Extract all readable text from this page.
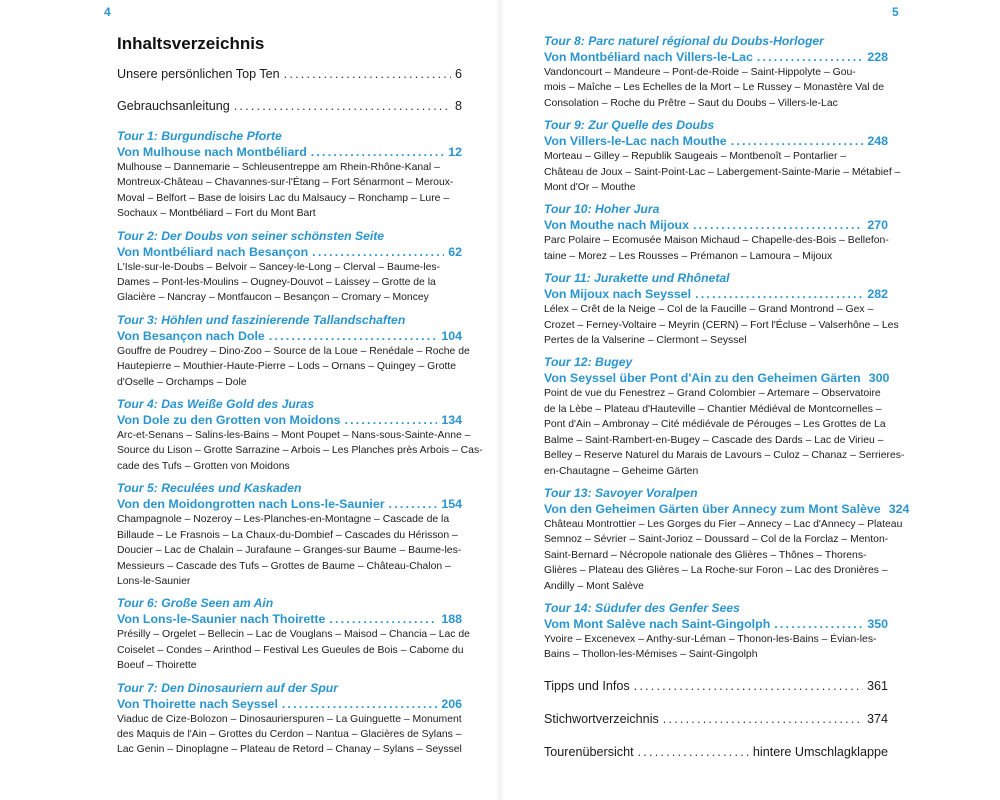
4
Inhaltsverzeichnis
Unsere persönlichen Top Ten .....	6
Gebrauchsanleitung .....	8
Tour 1: Burgundische Pforte
Von Mulhouse nach Montbéliard .....	12
Mulhouse – Dannemarie – Schleusentreppe am Rhein-Rhône-Kanal –
Montreux-Château – Chavannes-sur-l'Étang – Fort Sénarmont – Meroux-
Moval – Belfort – Base de loisirs Lac du Malsaucy – Ronchamp – Lure –
Sochaux – Montbéliard – Fort du Mont Bart
Tour 2: Der Doubs von seiner schönsten Seite
Von Montbéliard nach Besançon .....	62
L'Isle-sur-le-Doubs – Belvoir – Sancey-le-Long – Clerval – Baume-les-
Dames – Pont-les-Moulins – Ougney-Douvot – Laissey – Grotte de la
Glacière – Nancray – Montfaucon – Besançon – Cromary – Moncey
Tour 3: Höhlen und faszinierende Tallandschaften
Von Besançon nach Dole .....	104
Gouffre de Poudrey – Dino-Zoo – Source de la Loue – Renédale – Roche de
Hautepierre – Mouthier-Haute-Pierre – Lods – Ornans – Quingey – Grotte
d'Oselle – Orchamps – Dole
Tour 4: Das Weiße Gold des Juras
Von Dole zu den Grotten von Moidons .....	134
Arc-et-Senans – Salins-les-Bains – Mont Poupet – Nans-sous-Sainte-Anne –
Source du Lison – Grotte Sarrazine – Arbois – Les Planches près Arbois – Cas-
cade des Tufs – Grotten von Moidons
Tour 5: Reculées und Kaskaden
Von den Moidongrotten nach Lons-le-Saunier .....	154
Champagnole – Nozeroy – Les-Planches-en-Montagne – Cascade de la
Billaude – Le Frasnois – La Chaux-du-Dombief – Cascades du Hérisson –
Doucier – Lac de Chalain – Jurafaune – Granges-sur Baume – Baume-les-
Messieurs – Cascade des Tufs – Grottes de Baume – Château-Chalon –
Lons-le-Saunier
Tour 6: Große Seen am Ain
Von Lons-le-Saunier nach Thoirette .....	188
Présilly – Orgelet – Bellecin – Lac de Vouglans – Maisod – Chancia – Lac de
Coiselet – Condes – Arinthod – Festival Les Gueules de Bois – Caborne du
Boeuf – Thoirette
Tour 7: Den Dinosauriern auf der Spur
Von Thoirette nach Seyssel .....	206
Viaduc de Cize-Bolozon – Dinosaurierspuren – La Guinguette – Monument
des Maquis de l'Ain – Grottes du Cerdon – Nantua – Glacières de Sylans –
Lac Genin – Dinoplagne – Plateau de Retord – Chanay – Sylans – Seyssel
5
Tour 8: Parc naturel régional du Doubs-Horloger
Von Montbéliard nach Villers-le-Lac .....	228
Vandoncourt – Mandeure – Pont-de-Roide – Saint-Hippolyte – Gou-
mois – Maîche – Les Echelles de la Mort – Le Russey – Monastère Val de
Consolation – Roche du Prêtre – Saut du Doubs – Villers-le-Lac
Tour 9: Zur Quelle des Doubs
Von Villers-le-Lac nach Mouthe .....	248
Morteau – Gilley – Republik Saugeais – Montbenoît – Pontarlier –
Château de Joux – Saint-Point-Lac – Labergement-Sainte-Marie – Métabief –
Mont d'Or – Mouthe
Tour 10: Hoher Jura
Von Mouthe nach Mijoux .....	270
Parc Polaire – Ecomusée Maison Michaud – Chapelle-des-Bois – Bellefon-
taine – Morez – Les Rousses – Prémanon – Lamoura – Mijoux
Tour 11: Jurakette und Rhônetal
Von Mijoux nach Seyssel .....	282
Lélex – Crêt de la Neige – Col de la Faucille – Grand Montrond – Gex –
Crozet – Ferney-Voltaire – Meyrin (CERN) – Fort l'Écluse – Valserhône – Les
Pertes de la Valserine – Clermont – Seyssel
Tour 12: Bugey
Von Seyssel über Pont d'Ain zu den Geheimen Gärten 300
Point de vue du Fenestrez – Grand Colombier – Artemare – Observatoire
de la Lèbe – Plateau d'Hauteville – Chantier Médiéval de Montcornelles –
Pont d'Ain – Ambronay – Cité médiévale de Pérouges – Les Grottes de La
Balme – Saint-Rambert-en-Bugey – Cascade des Dards – Lac de Virieu –
Belley – Reserve Naturel du Marais de Lavours – Culoz – Chanaz – Serrieres-
en-Chautagne – Geheime Gärten
Tour 13: Savoyer Voralpen
Von den Geheimen Gärten über Annecy zum Mont Salève 324
Château Montrottier – Les Gorges du Fier – Annecy – Lac d'Annecy – Plateau
Semnoz – Sévrier – Saint-Jorioz – Doussard – Col de la Forclaz – Menton-
Saint-Bernard – Nécropole nationale des Glières – Thônes – Thorens-
Glières – Plateau des Glières – La Roche-sur Foron – Lac des Dronières –
Andilly – Mont Salève
Tour 14: Südufer des Genfer Sees
Vom Mont Salève nach Saint-Gingolph .....	350
Yvoire – Excenevex – Anthy-sur-Léman – Thonon-les-Bains – Évian-les-
Bains – Thollon-les-Mémises – Saint-Gingolph
Tipps und Infos .....	361
Stichwortverzeichnis .....	374
Tourenübersicht .....	hintere Umschlagklappe
